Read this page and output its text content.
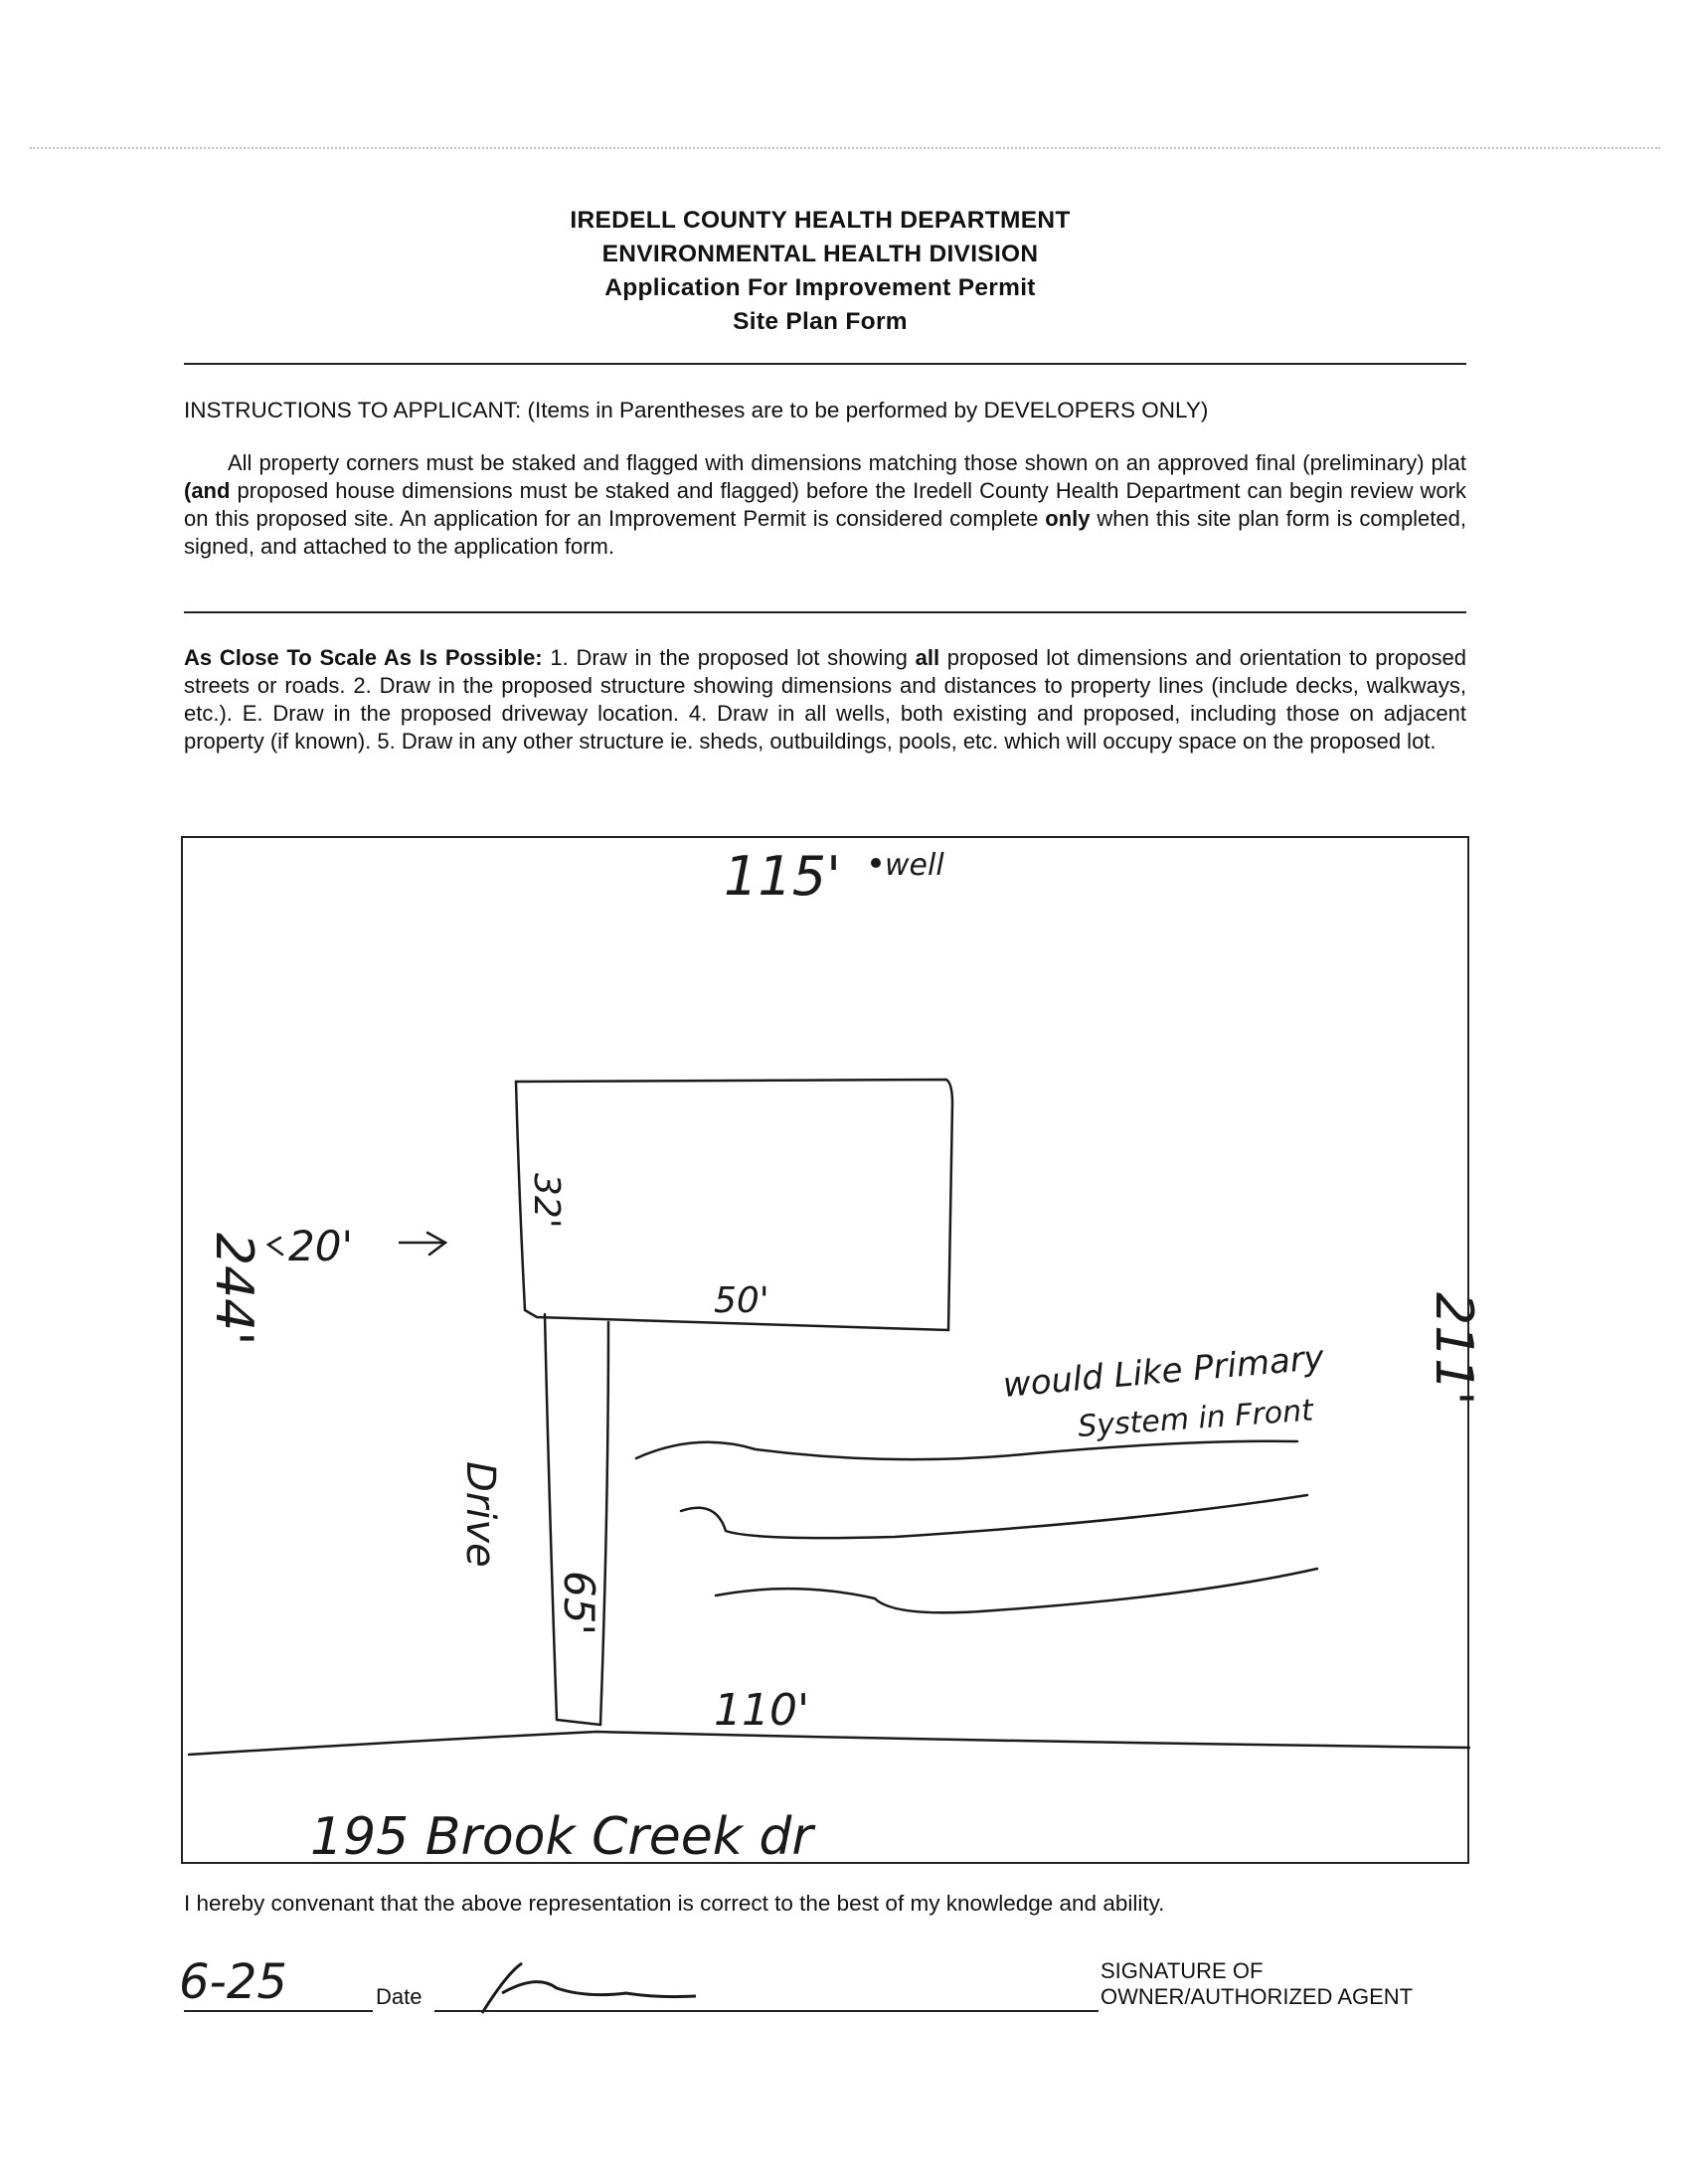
IREDELL COUNTY HEALTH DEPARTMENT
ENVIRONMENTAL HEALTH DIVISION
Application For Improvement Permit
Site Plan Form
INSTRUCTIONS TO APPLICANT: (Items in Parentheses are to be performed by DEVELOPERS ONLY)
All property corners must be staked and flagged with dimensions matching those shown on an approved final (preliminary) plat (and proposed house dimensions must be staked and flagged) before the Iredell County Health Department can begin review work on this proposed site. An application for an Improvement Permit is considered complete only when this site plan form is completed, signed, and attached to the application form.
As Close To Scale As Is Possible: 1. Draw in the proposed lot showing all proposed lot dimensions and orientation to proposed streets or roads. 2. Draw in the proposed structure showing dimensions and distances to property lines (include decks, walkways, etc.). E. Draw in the proposed driveway location. 4. Draw in all wells, both existing and proposed, including those on adjacent property (if known). 5. Draw in any other structure ie. sheds, outbuildings, pools, etc. which will occupy space on the proposed lot.
115' well
244'
211'
20'
32'
50'
Drive
65'
110'
would Like Primary
System in Front
195 Brook Creek dr
6-25
I hereby convenant that the above representation is correct to the best of my knowledge and ability.
Date
SIGNATURE OF OWNER/AUTHORIZED AGENT
